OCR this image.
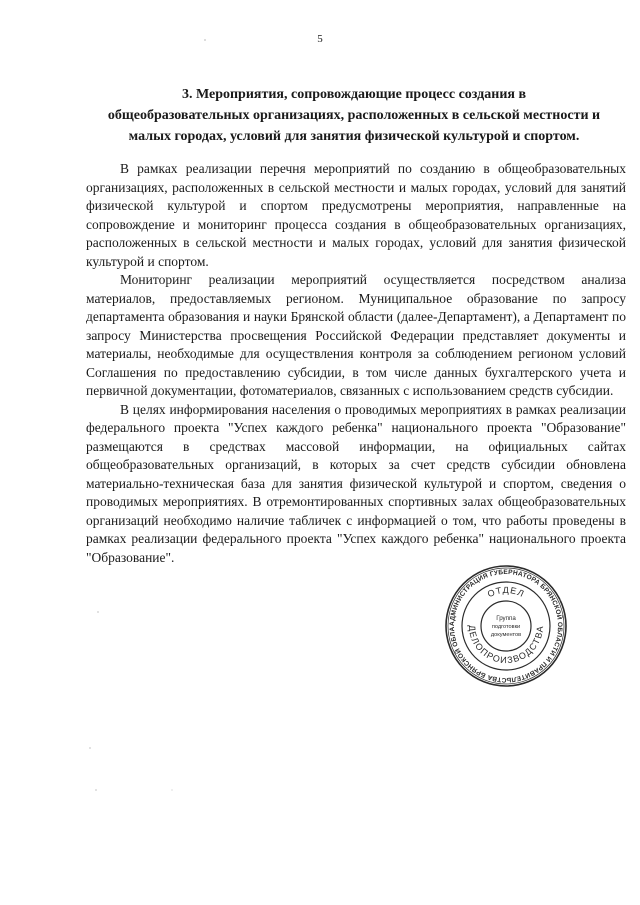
5
3. Мероприятия, сопровождающие процесс создания в
общеобразовательных организациях, расположенных в сельской местности и
малых городах, условий для занятия физической культурой и спортом.

В рамках реализации перечня мероприятий по созданию в общеобразовательных организациях, расположенных в сельской местности и малых городах, условий для занятий физической культурой и спортом предусмотрены мероприятия, направленные на сопровождение и мониторинг процесса создания в общеобразовательных организациях, расположенных в сельской местности и малых городах, условий для занятия физической культурой и спортом.

Мониторинг реализации мероприятий осуществляется посредством анализа материалов, предоставляемых регионом. Муниципальное образование по запросу департамента образования и науки Брянской области (далее-Департамент), а Департамент по запросу Министерства просвещения Российской Федерации представляет документы и материалы, необходимые для осуществления контроля за соблюдением регионом условий Соглашения по предоставлению субсидии, в том числе данных бухгалтерского учета и первичной документации, фотоматериалов, связанных с использованием средств субсидии.

В целях информирования населения о проводимых мероприятиях в рамках реализации федерального проекта "Успех каждого ребенка" национального проекта "Образование" размещаются в средствах массовой информации, на официальных сайтах общеобразовательных организаций, в которых за счет средств субсидии обновлена материально-техническая база для занятия физической культурой и спортом, сведения о проводимых мероприятиях. В отремонтированных спортивных залах общеобразовательных организаций необходимо наличие табличек с информацией о том, что работы проведены в рамках реализации федерального проекта "Успех каждого ребенка" национального проекта "Образование".

АДМИНИСТРАЦИЯ ГУБЕРНАТОРА БРЯНСКОЙ ОБЛАСТИ И ПРАВИТЕЛЬСТВА БРЯНСКОЙ ОБЛА
ОТДЕЛ
ДЕЛОПРОИЗВОДСТВА
Группа
подготовки
документов
